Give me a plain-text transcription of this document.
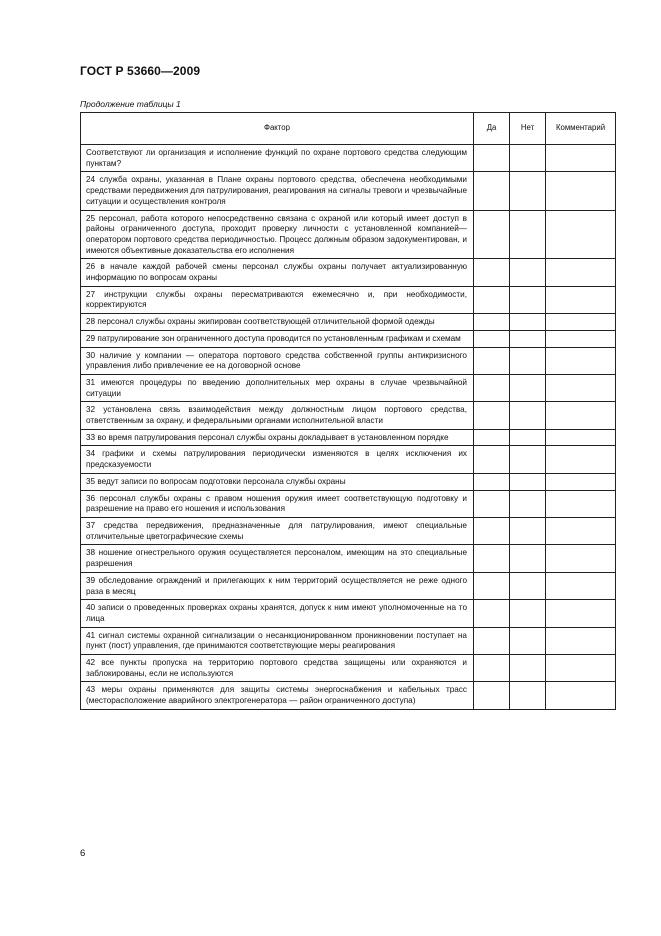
ГОСТ Р 53660—2009
Продолжение таблицы 1
Фактор	Да	Нет	Комментарий
Соответствуют ли организация и исполнение функций по охране портового средства следующим пунктам?			
24 служба охраны, указанная в Плане охраны портового средства, обеспечена необходимыми средствами передвижения для патрулирования, реагирования на сигналы тревоги и чрезвычайные ситуации и осуществления контроля			
25 персонал, работа которого непосредственно связана с охраной или который имеет доступ в районы ограниченного доступа, проходит проверку личности с установленной компанией—оператором портового средства периодичностью. Процесс должным образом задокументирован, и имеются объективные доказательства его исполнения			
26 в начале каждой рабочей смены персонал службы охраны получает актуализированную информацию по вопросам охраны			
27 инструкции службы охраны пересматриваются ежемесячно и, при необходимости, корректируются			
28 персонал службы охраны экипирован соответствующей отличительной формой одежды			
29 патрулирование зон ограниченного доступа проводится по установленным графикам и схемам			
30 наличие у компании — оператора портового средства собственной группы антикризисного управления либо привлечение ее на договорной основе			
31 имеются процедуры по введению дополнительных мер охраны в случае чрезвычайной ситуации			
32 установлена связь взаимодействия между должностным лицом портового средства, ответственным за охрану, и федеральными органами исполнительной власти			
33 во время патрулирования персонал службы охраны докладывает в установленном порядке			
34 графики и схемы патрулирования периодически изменяются в целях исключения их предсказуемости			
35 ведут записи по вопросам подготовки персонала службы охраны			
36 персонал службы охраны с правом ношения оружия имеет соответствующую подготовку и разрешение на право его ношения и использования			
37 средства передвижения, предназначенные для патрулирования, имеют специальные отличительные цветографические схемы			
38 ношение огнестрельного оружия осуществляется персоналом, имеющим на это специальные разрешения			
39 обследование ограждений и прилегающих к ним территорий осуществляется не реже одного раза в месяц			
40 записи о проведенных проверках охраны хранятся, допуск к ним имеют уполномоченные на то лица			
41 сигнал системы охранной сигнализации о несанкционированном проникновении поступает на пункт (пост) управления, где принимаются соответствующие меры реагирования			
42 все пункты пропуска на территорию портового средства защищены или охраняются и заблокированы, если не используются			
43 меры охраны применяются для защиты системы энергоснабжения и кабельных трасс (месторасположение аварийного электрогенератора — район ограниченного доступа)			
6
